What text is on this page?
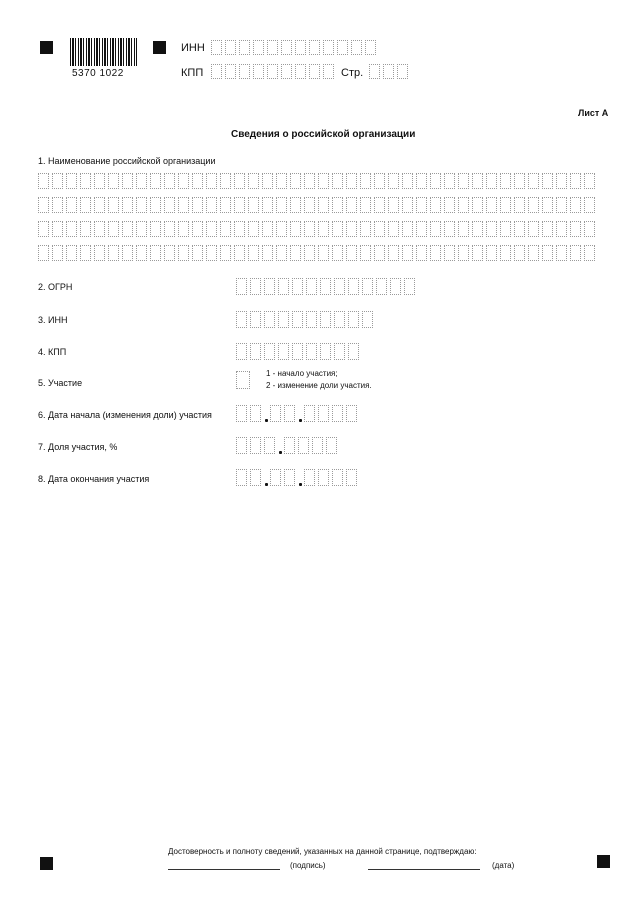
5370 1022
ИНН
КПП	Стр.
Лист А
Сведения о российской организации
1. Наименование российской организации
2. ОГРН
3. ИНН
4. КПП
5. Участие
1 - начало участия;
2 - изменение доли участия.
6. Дата начала (изменения доли) участия
7. Доля участия, %
8. Дата окончания участия
Достоверность и полноту сведений, указанных на данной странице, подтверждаю:
(подпись)	(дата)
